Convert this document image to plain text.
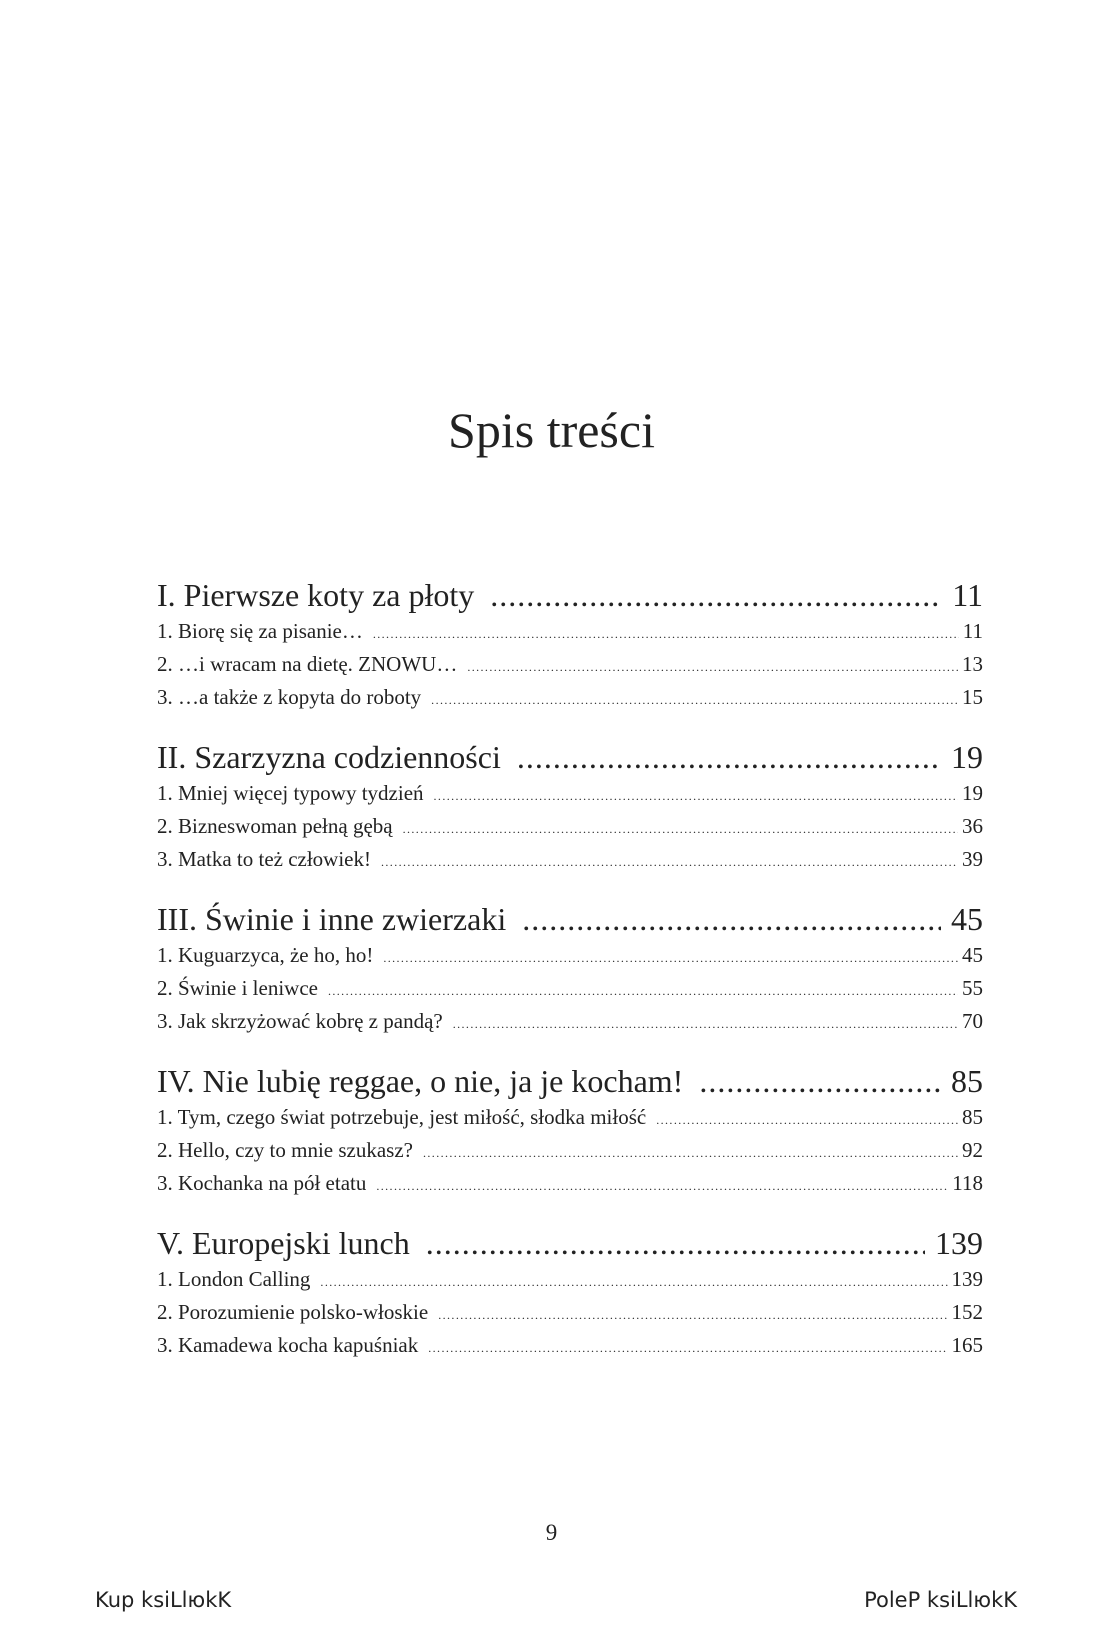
Spis treści
I. Pierwsze koty za płoty .....	11
1. Biorę się za pisanie… .....	11
2. …i wracam na dietę. ZNOWU… .....	13
3. …a także z kopyta do roboty .....	15
II. Szarzyzna codzienności .....	19
1. Mniej więcej typowy tydzień .....	19
2. Bizneswoman pełną gębą .....	36
3. Matka to też człowiek! .....	39
III. Świnie i inne zwierzaki .....	45
1. Kuguarzyca, że ho, ho! .....	45
2. Świnie i leniwce .....	55
3. Jak skrzyżować kobrę z pandą? .....	70
IV. Nie lubię reggae, o nie, ja je kocham! .....	85
1. Tym, czego świat potrzebuje, jest miłość, słodka miłość .....	85
2. Hello, czy to mnie szukasz? .....	92
3. Kochanka na pół etatu .....	118
V. Europejski lunch .....	139
1. London Calling .....	139
2. Porozumienie polsko-włoskie .....	152
3. Kamadewa kocha kapuśniak .....	165
9
Kup ksiLlюkK	PoleP ksiLlюkK
